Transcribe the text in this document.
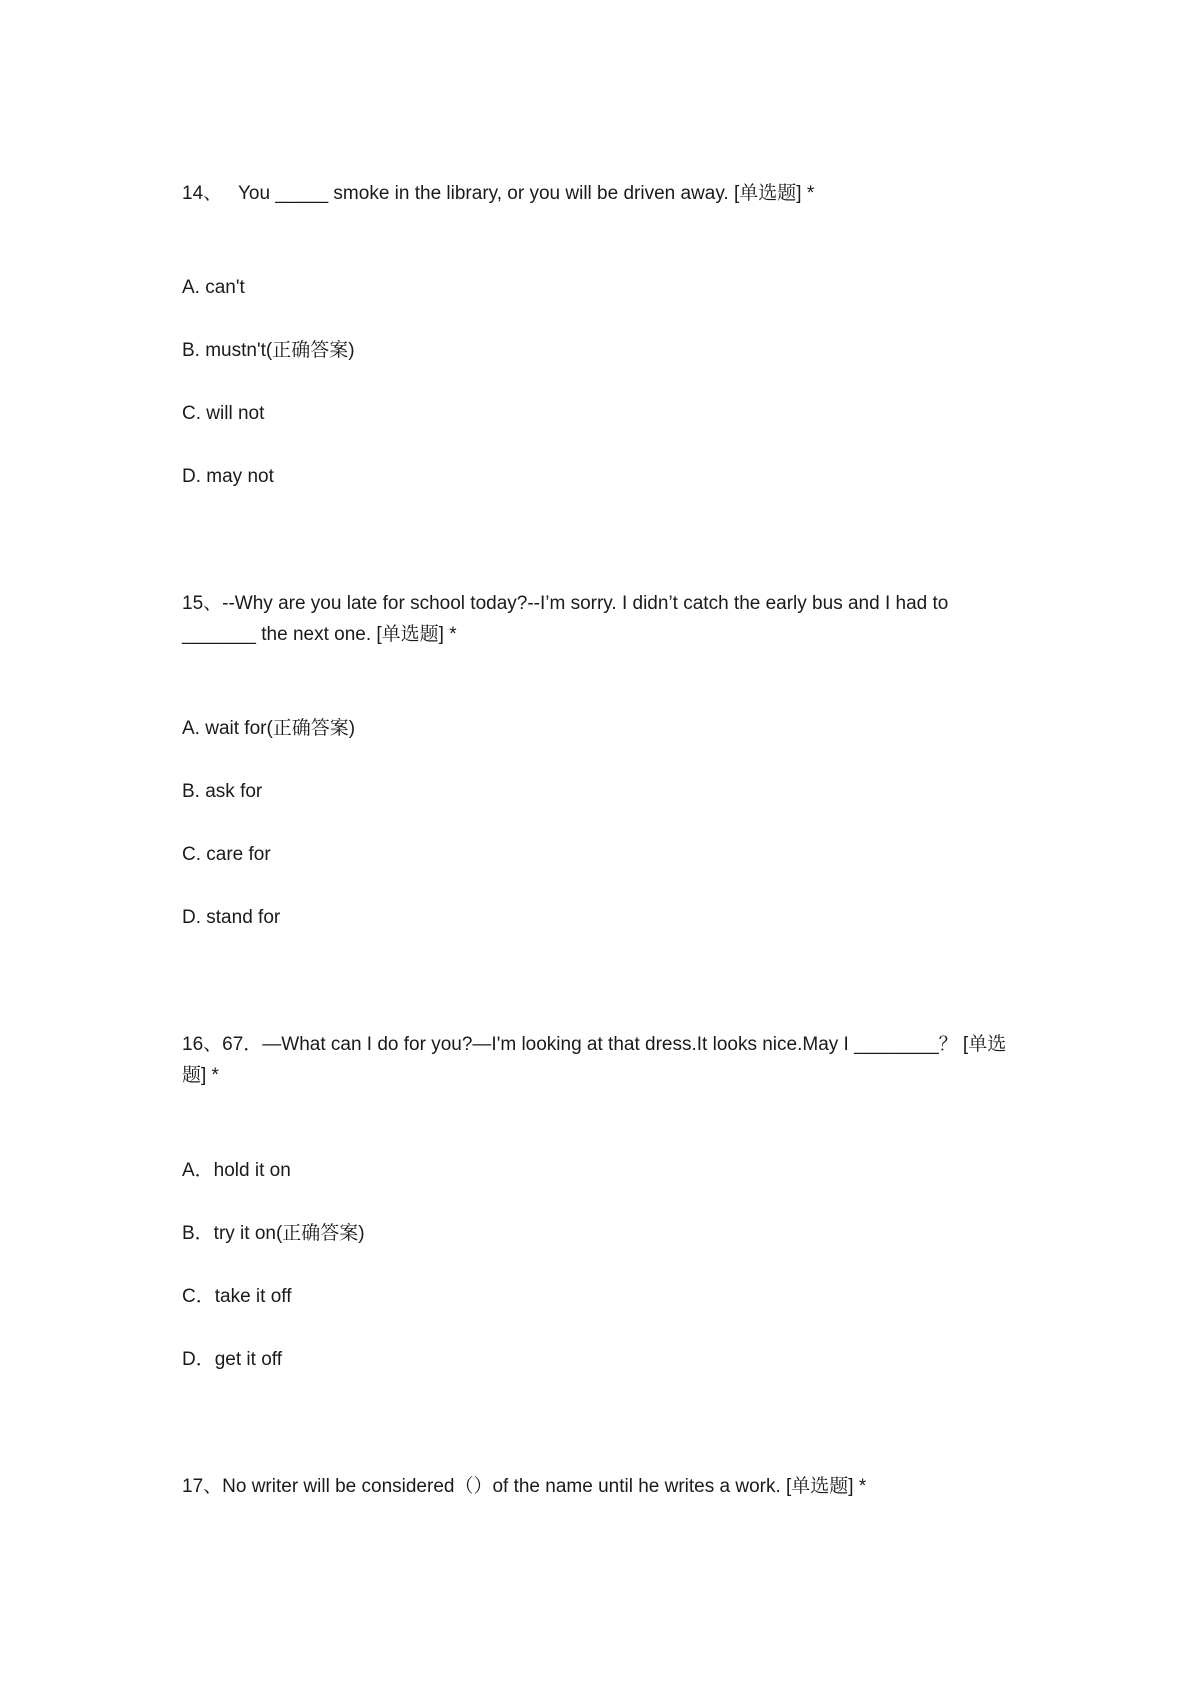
14、   You _____ smoke in the library, or you will be driven away. [单选题] *
A. can't
B. mustn't(正确答案)
C. will not
D. may not
15、--Why are you late for school today?--I’m sorry. I didn’t catch the early bus and I had to _______ the next one. [单选题] *
A. wait for(正确答案)
B. ask for
C. care for
D. stand for
16、67．—What can I do for you?—I'm looking at that dress.It looks nice.May I ________？ [单选题] *
A．hold it on
B．try it on(正确答案)
C．take it off
D．get it off
17、No writer will be considered（）of the name until he writes a work. [单选题] *
